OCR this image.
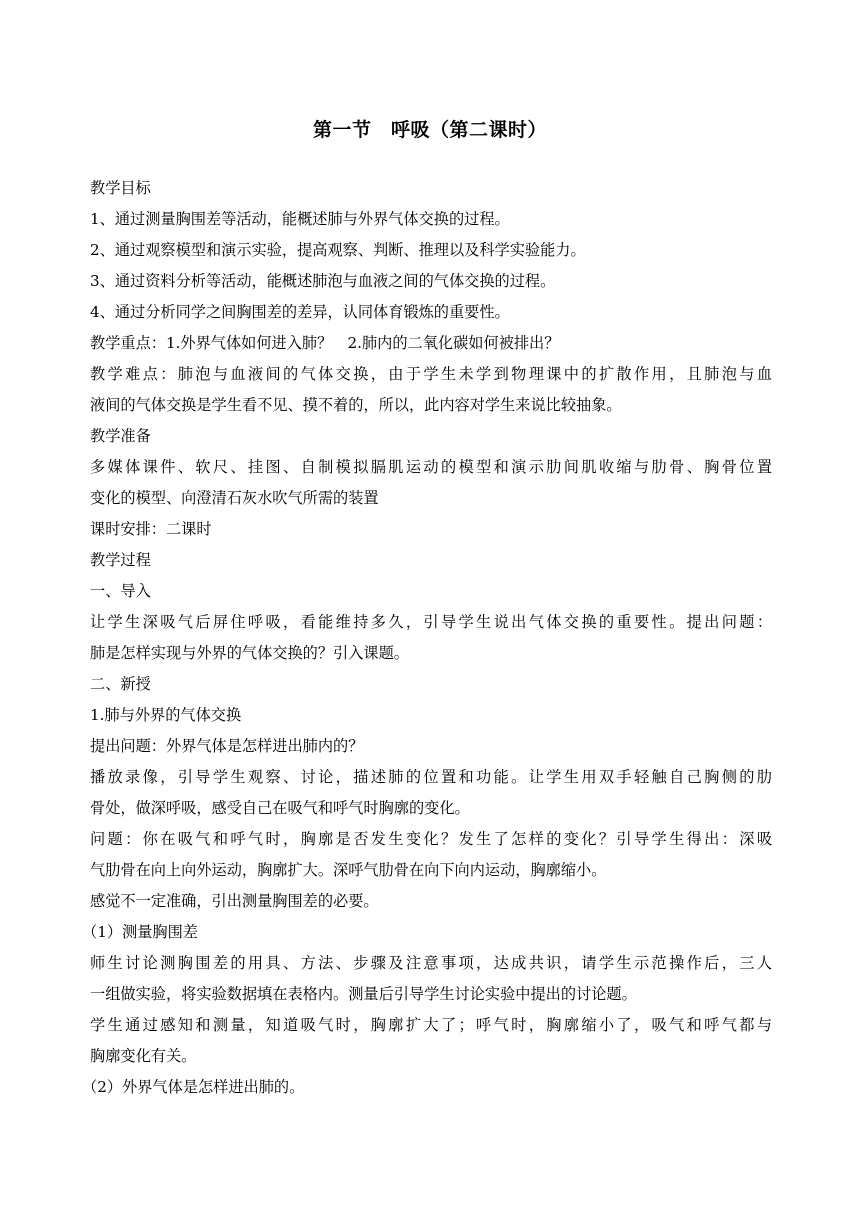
第一节　呼吸（第二课时）
教学目标
1、通过测量胸围差等活动，能概述肺与外界气体交换的过程。
2、通过观察模型和演示实验，提高观察、判断、推理以及科学实验能力。
3、通过资料分析等活动，能概述肺泡与血液之间的气体交换的过程。
4、通过分析同学之间胸围差的差异，认同体育锻炼的重要性。
教学重点：1.外界气体如何进入肺？　2.肺内的二氧化碳如何被排出？
教学难点：肺泡与血液间的气体交换，由于学生未学到物理课中的扩散作用，且肺泡与血
液间的气体交换是学生看不见、摸不着的，所以，此内容对学生来说比较抽象。
教学准备
多媒体课件、软尺、挂图、自制模拟膈肌运动的模型和演示肋间肌收缩与肋骨、胸骨位置
变化的模型、向澄清石灰水吹气所需的装置
课时安排：二课时
教学过程
一、导入
让学生深吸气后屏住呼吸，看能维持多久，引导学生说出气体交换的重要性。提出问题：
肺是怎样实现与外界的气体交换的？引入课题。
二、新授
1.肺与外界的气体交换
提出问题：外界气体是怎样进出肺内的？
播放录像，引导学生观察、讨论，描述肺的位置和功能。让学生用双手轻触自己胸侧的肋
骨处，做深呼吸，感受自己在吸气和呼气时胸廓的变化。
问题：你在吸气和呼气时，胸廓是否发生变化？发生了怎样的变化？引导学生得出：深吸
气肋骨在向上向外运动，胸廓扩大。深呼气肋骨在向下向内运动，胸廓缩小。
感觉不一定准确，引出测量胸围差的必要。
（1）测量胸围差
师生讨论测胸围差的用具、方法、步骤及注意事项，达成共识，请学生示范操作后，三人
一组做实验，将实验数据填在表格内。测量后引导学生讨论实验中提出的讨论题。
学生通过感知和测量，知道吸气时，胸廓扩大了；呼气时，胸廓缩小了，吸气和呼气都与
胸廓变化有关。
（2）外界气体是怎样进出肺的。
